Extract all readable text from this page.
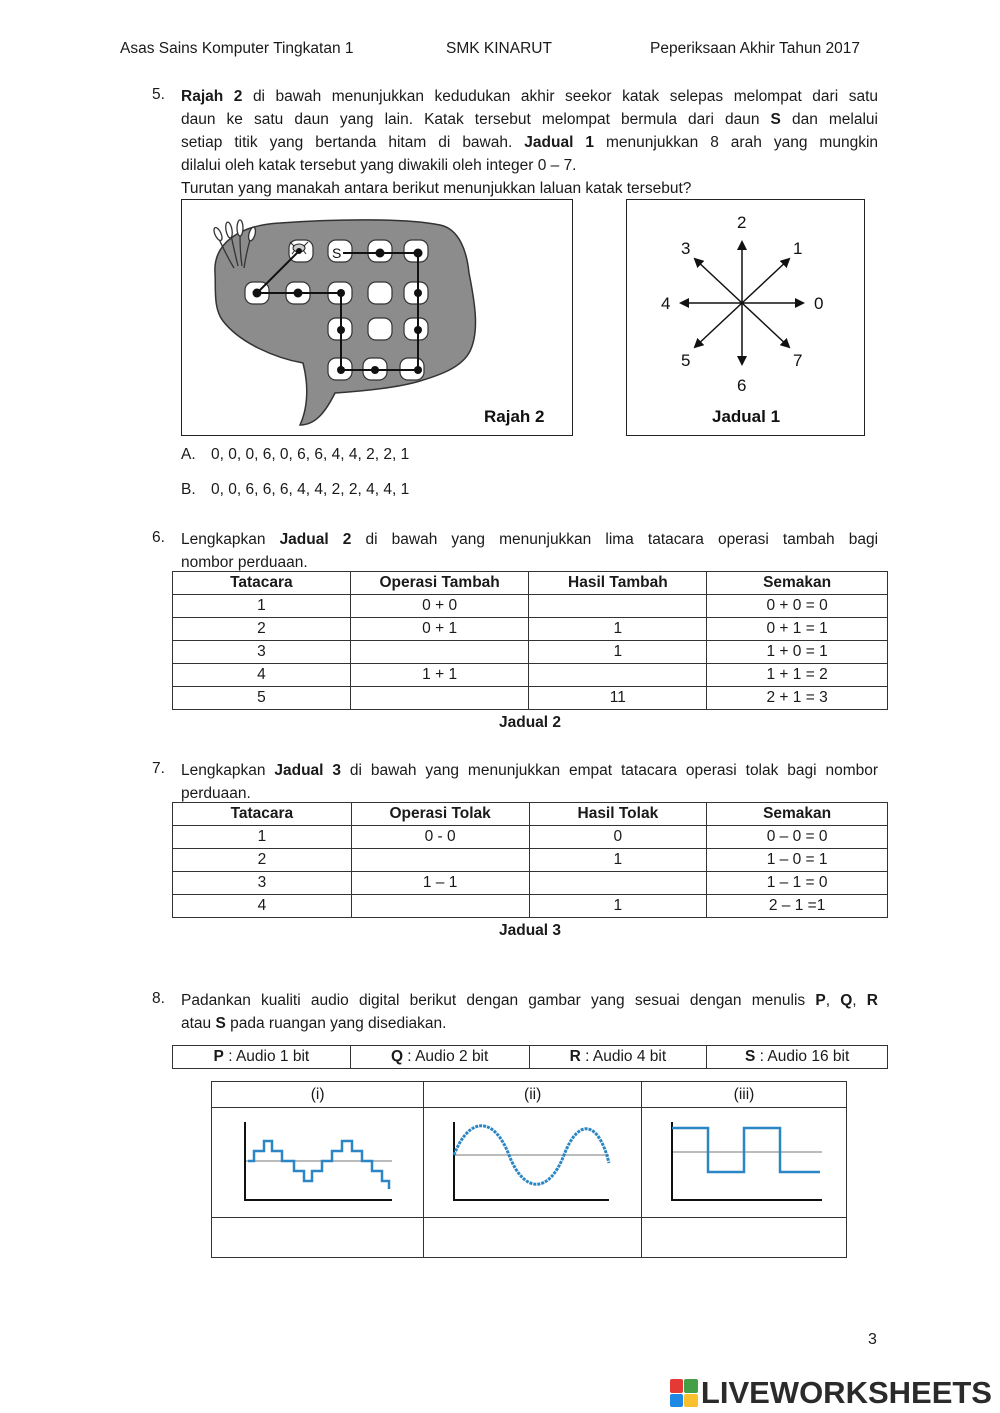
Asas Sains Komputer Tingkatan 1	SMK KINARUT	Peperiksaan Akhir Tahun 2017
5. Rajah 2 di bawah menunjukkan kedudukan akhir seekor katak selepas melompat dari satu
daun ke satu daun yang lain. Katak tersebut melompat bermula dari daun S dan melalui
setiap titik yang bertanda hitam di bawah. Jadual 1 menunjukkan 8 arah yang mungkin
dilalui oleh katak tersebut yang diwakili oleh integer 0 – 7.
Turutan yang manakah antara berikut menunjukkan laluan katak tersebut?
S
Rajah 2
0
1
2
3
4
5
6
7
Jadual 1
A. 0, 0, 0, 6, 0, 6, 6, 4, 4, 2, 2, 1
B. 0, 0, 6, 6, 6, 4, 4, 2, 2, 4, 4, 1
6. Lengkapkan Jadual 2 di bawah yang menunjukkan lima tatacara operasi tambah bagi
nombor perduaan.
Tatacara	Operasi Tambah	Hasil Tambah	Semakan
1	0 + 0		0 + 0 = 0
2	0 + 1	1	0 + 1 = 1
3		1	1 + 0 = 1
4	1 + 1		1 + 1 = 2
5		11	2 + 1 = 3
Jadual 2
7. Lengkapkan Jadual 3 di bawah yang menunjukkan empat tatacara operasi tolak bagi nombor
perduaan.
Tatacara	Operasi Tolak	Hasil Tolak	Semakan
1	0 - 0	0	0 – 0 = 0
2		1	1 – 0 = 1
3	1 – 1		1 – 1 = 0
4		1	2 – 1 =1
Jadual 3
8. Padankan kualiti audio digital berikut dengan gambar yang sesuai dengan menulis P, Q, R
atau S pada ruangan yang disediakan.
P : Audio 1 bit	Q : Audio 2 bit	R : Audio 4 bit	S : Audio 16 bit
(i)	(ii)	(iii)

3
LIVEWORKSHEETS
